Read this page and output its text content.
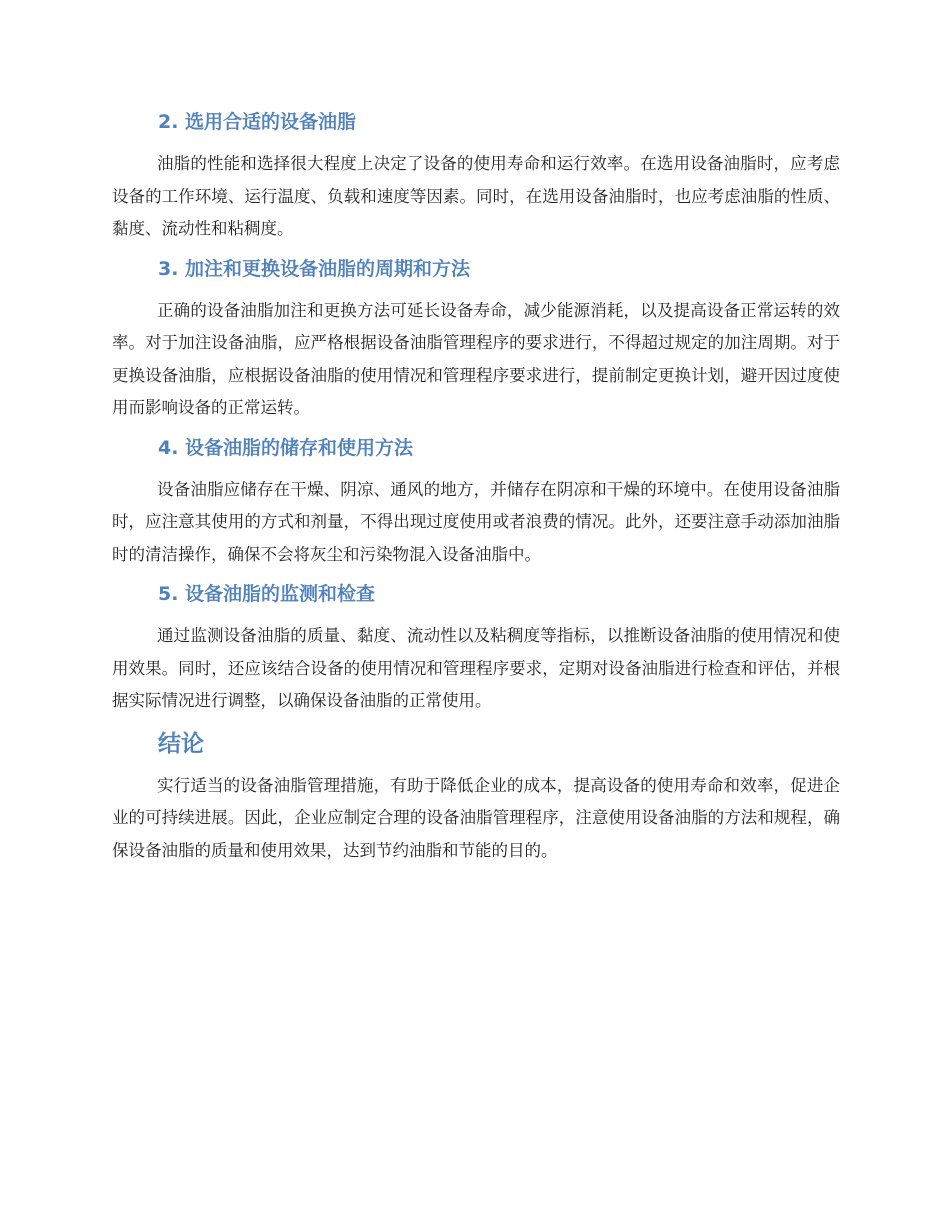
2. 选用合适的设备油脂

油脂的性能和选择很大程度上决定了设备的使用寿命和运行效率。在选用设备油脂时，应考虑设备的工作环境、运行温度、负载和速度等因素。同时，在选用设备油脂时，也应考虑油脂的性质、黏度、流动性和粘稠度。

3. 加注和更换设备油脂的周期和方法

正确的设备油脂加注和更换方法可延长设备寿命，减少能源消耗，以及提高设备正常运转的效率。对于加注设备油脂，应严格根据设备油脂管理程序的要求进行，不得超过规定的加注周期。对于更换设备油脂，应根据设备油脂的使用情况和管理程序要求进行，提前制定更换计划，避开因过度使用而影响设备的正常运转。

4. 设备油脂的储存和使用方法

设备油脂应储存在干燥、阴凉、通风的地方，并储存在阴凉和干燥的环境中。在使用设备油脂时，应注意其使用的方式和剂量，不得出现过度使用或者浪费的情况。此外，还要注意手动添加油脂时的清洁操作，确保不会将灰尘和污染物混入设备油脂中。

5. 设备油脂的监测和检查

通过监测设备油脂的质量、黏度、流动性以及粘稠度等指标，以推断设备油脂的使用情况和使用效果。同时，还应该结合设备的使用情况和管理程序要求，定期对设备油脂进行检查和评估，并根据实际情况进行调整，以确保设备油脂的正常使用。

结论

实行适当的设备油脂管理措施，有助于降低企业的成本，提高设备的使用寿命和效率，促进企业的可持续进展。因此，企业应制定合理的设备油脂管理程序，注意使用设备油脂的方法和规程，确保设备油脂的质量和使用效果，达到节约油脂和节能的目的。
